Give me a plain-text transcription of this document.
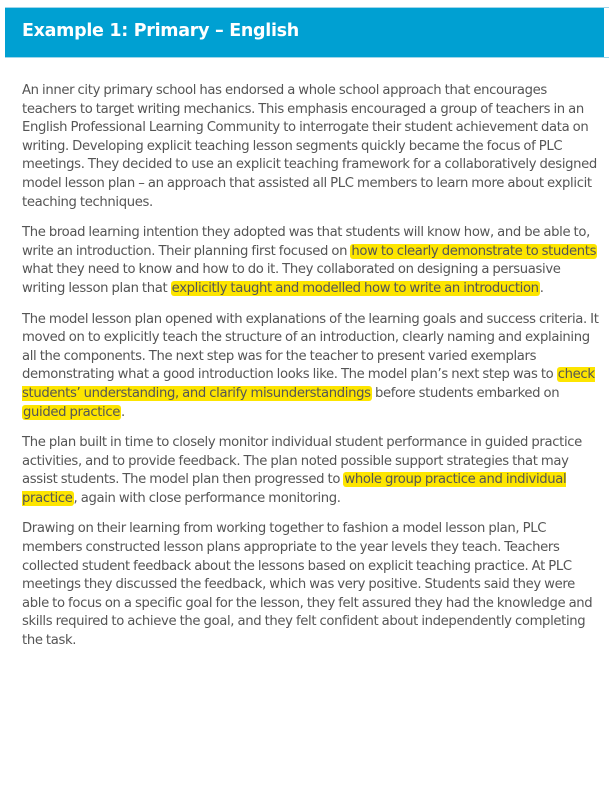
Example 1: Primary – English

An inner city primary school has endorsed a whole school approach that encourages teachers to target writing mechanics. This emphasis encouraged a group of teachers in an English Professional Learning Community to interrogate their student achievement data on writing. Developing explicit teaching lesson segments quickly became the focus of PLC meetings. They decided to use an explicit teaching framework for a collaboratively designed model lesson plan – an approach that assisted all PLC members to learn more about explicit teaching techniques.

The broad learning intention they adopted was that students will know how, and be able to, write an introduction. Their planning first focused on how to clearly demonstrate to students what they need to know and how to do it. They collaborated on designing a persuasive writing lesson plan that explicitly taught and modelled how to write an introduction.

The model lesson plan opened with explanations of the learning goals and success criteria. It moved on to explicitly teach the structure of an introduction, clearly naming and explaining all the components. The next step was for the teacher to present varied exemplars demonstrating what a good introduction looks like. The model plan’s next step was to check students’ understanding, and clarify misunderstandings before students embarked on guided practice.

The plan built in time to closely monitor individual student performance in guided practice activities, and to provide feedback. The plan noted possible support strategies that may assist students. The model plan then progressed to whole group practice and individual practice, again with close performance monitoring.

Drawing on their learning from working together to fashion a model lesson plan, PLC members constructed lesson plans appropriate to the year levels they teach. Teachers collected student feedback about the lessons based on explicit teaching practice. At PLC meetings they discussed the feedback, which was very positive. Students said they were able to focus on a specific goal for the lesson, they felt assured they had the knowledge and skills required to achieve the goal, and they felt confident about independently completing the task.
